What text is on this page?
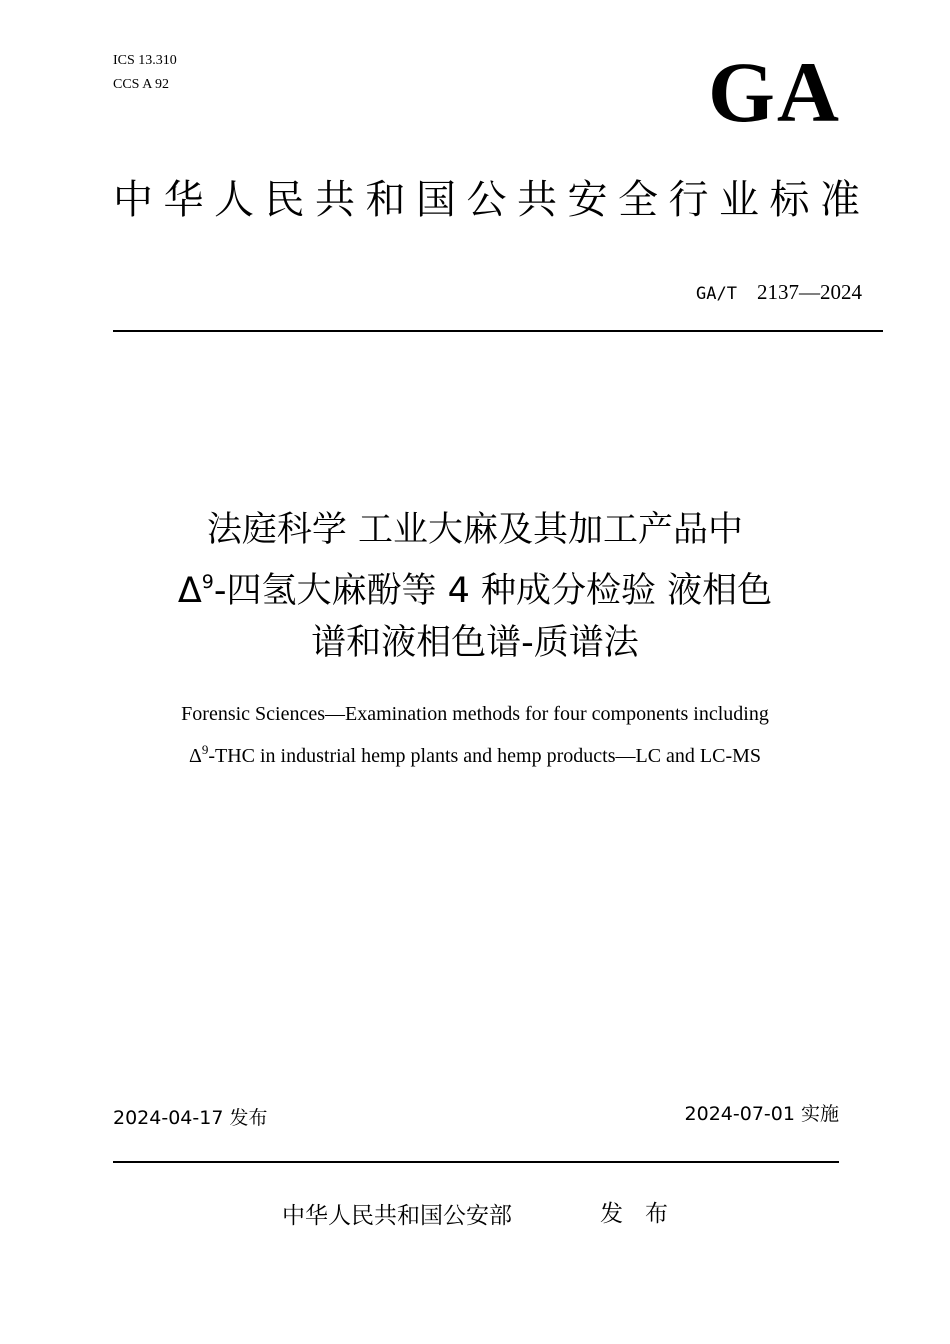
ICS 13.310
CCS A 92	GA
中华人民共和国公共安全行业标准
GA/T 2137—2024
法庭科学 工业大麻及其加工产品中
$\Delta^9-$四氢大麻酚等 4 种成分检验 液相色
谱和液相色谱-质谱法
Forensic Sciences—Examination methods for four components including
$\Delta^9$-THC in industrial hemp plants and hemp products—LC and LC-MS
2024-04-17 发布	2024-07-01 实施
中华人民共和国公安部	发布
